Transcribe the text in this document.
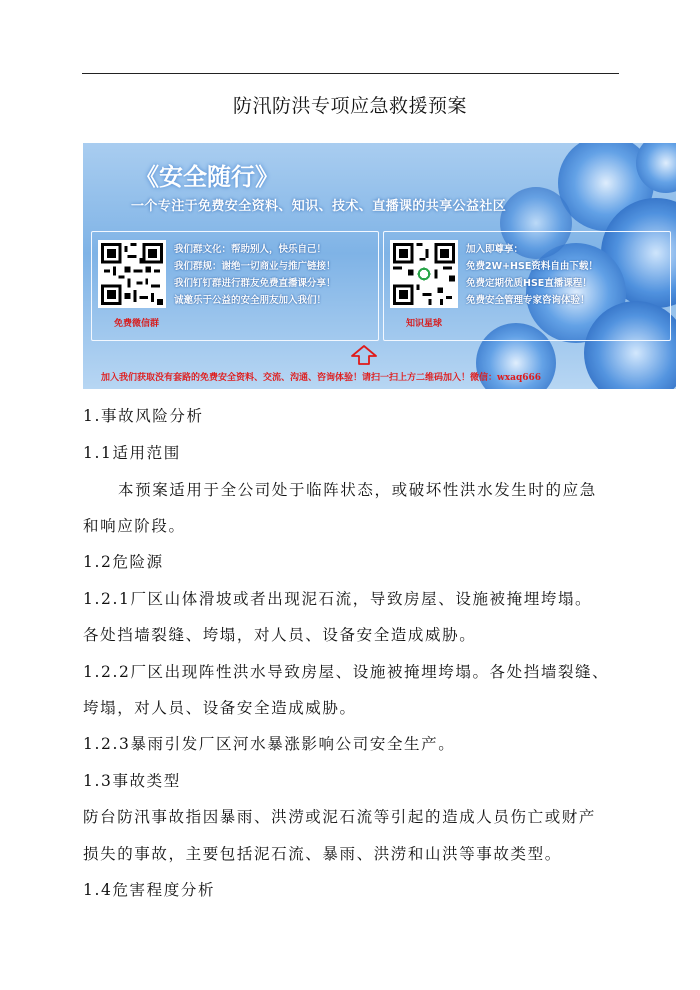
防汛防洪专项应急救援预案
《安全随行》
一个专注于免费安全资料、知识、技术、直播课的共享公益社区
我们群文化：帮助别人，快乐自己！
我们群规：谢绝一切商业与推广链接！
我们钉钉群进行群友免费直播课分享！
诚邀乐于公益的安全朋友加入我们！
免费微信群
加入即尊享：
免费2W+HSE资料自由下载！
免费定期优质HSE直播课程！
免费安全管理专家咨询体验！
知识星球
加入我们获取没有套路的免费安全资料、交流、沟通、咨询体验！请扫一扫上方二维码加入！微信：wxaq666

1.事故风险分析

1.1适用范围

本预案适用于全公司处于临阵状态，或破坏性洪水发生时的应急

和响应阶段。

1.2危险源

1.2.1厂区山体滑坡或者出现泥石流，导致房屋、设施被掩埋垮塌。

各处挡墙裂缝、垮塌，对人员、设备安全造成威胁。

1.2.2厂区出现阵性洪水导致房屋、设施被掩埋垮塌。各处挡墙裂缝、

垮塌，对人员、设备安全造成威胁。

1.2.3暴雨引发厂区河水暴涨影响公司安全生产。

1.3事故类型

防台防汛事故指因暴雨、洪涝或泥石流等引起的造成人员伤亡或财产

损失的事故，主要包括泥石流、暴雨、洪涝和山洪等事故类型。

1.4危害程度分析
